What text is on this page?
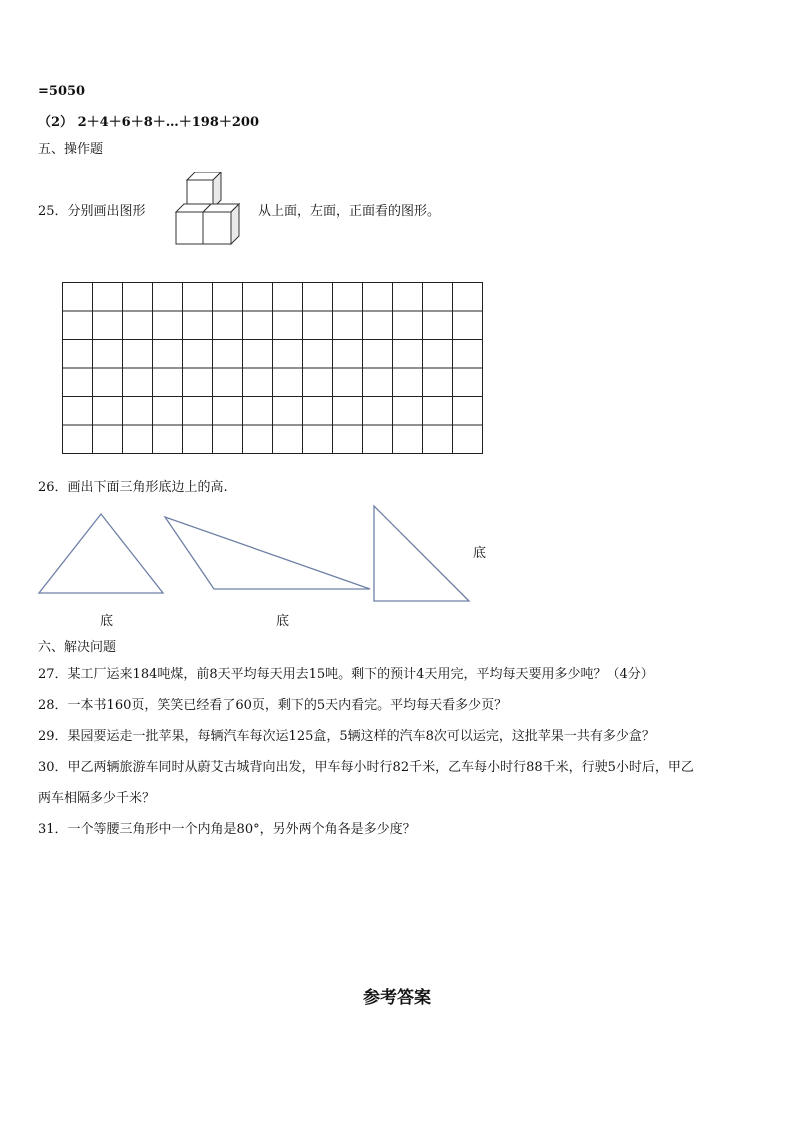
=5050
（2） 2＋4＋6＋8＋…＋198＋200
五、操作题
25．分别画出图形	从上面，左面，正面看的图形。
26．画出下面三角形底边上的高.
底
底	底
六、解决问题
27．某工厂运来184吨煤，前8天平均每天用去15吨。剩下的预计4天用完，平均每天要用多少吨？（4分）
28．一本书160页，笑笑已经看了60页，剩下的5天内看完。平均每天看多少页？
29．果园要运走一批苹果，每辆汽车每次运125盒，5辆这样的汽车8次可以运完，这批苹果一共有多少盒？
30．甲乙两辆旅游车同时从蔚艾古城背向出发，甲车每小时行82千米，乙车每小时行88千米，行驶5小时后，甲乙
两车相隔多少千米？
31．一个等腰三角形中一个内角是80°，另外两个角各是多少度？
参考答案
